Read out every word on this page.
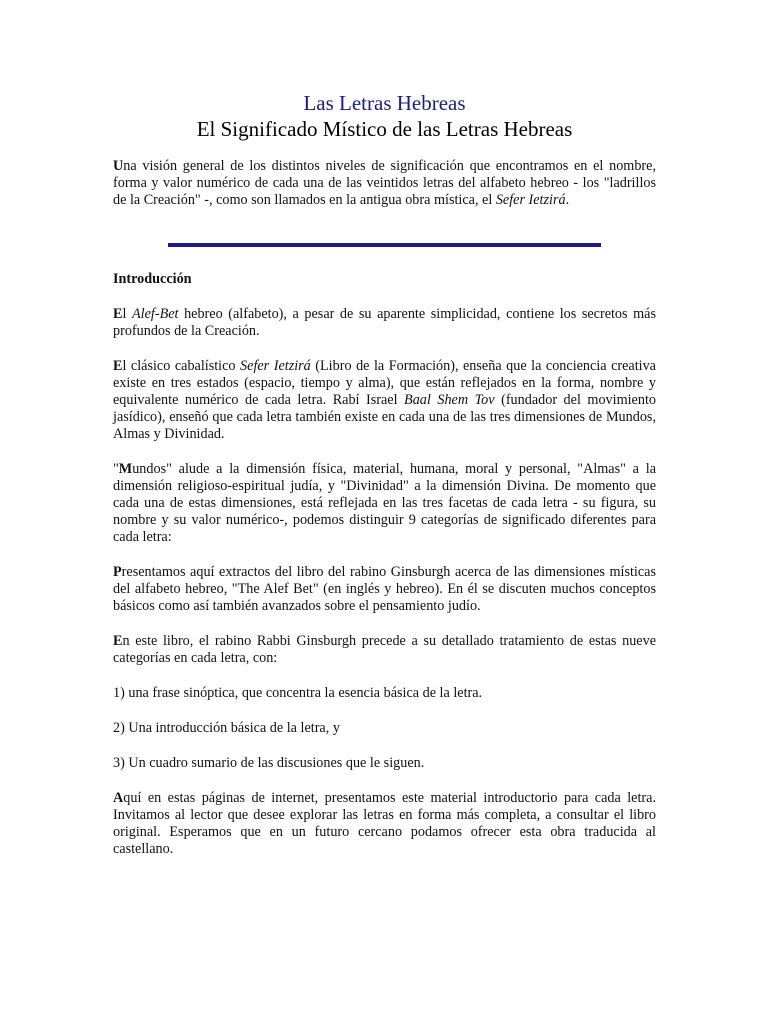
Las Letras Hebreas
El Significado Místico de las Letras Hebreas

Una visión general de los distintos niveles de significación que encontramos en el nombre, forma y valor numérico de cada una de las veintidos letras del alfabeto hebreo - los "ladrillos de la Creación" -, como son llamados en la antigua obra mística, el Sefer Ietzirá.

Introducción

El Alef-Bet hebreo (alfabeto), a pesar de su aparente simplicidad, contiene los secretos más profundos de la Creación.

El clásico cabalístico Sefer Ietzirá (Libro de la Formación), enseña que la conciencia creativa existe en tres estados (espacio, tiempo y alma), que están reflejados en la forma, nombre y equivalente numérico de cada letra. Rabí Israel Baal Shem Tov (fundador del movimiento jasídico), enseñó que cada letra también existe en cada una de las tres dimensiones de Mundos, Almas y Divinidad.

"Mundos" alude a la dimensión física, material, humana, moral y personal, "Almas" a la dimensión religioso-espiritual judía, y "Divinidad" a la dimensión Divina. De momento que cada una de estas dimensiones, está reflejada en las tres facetas de cada letra - su figura, su nombre y su valor numérico-, podemos distinguir 9 categorías de significado diferentes para cada letra:

Presentamos aquí extractos del libro del rabino Ginsburgh acerca de las dimensiones místicas del alfabeto hebreo, "The Alef Bet" (en inglés y hebreo). En él se discuten muchos conceptos básicos como así también avanzados sobre el pensamiento judío.

En este libro, el rabino Rabbi Ginsburgh precede a su detallado tratamiento de estas nueve categorías en cada letra, con:

1) una frase sinóptica, que concentra la esencia básica de la letra.

2) Una introducción básica de la letra, y

3) Un cuadro sumario de las discusiones que le siguen.

Aquí en estas páginas de internet, presentamos este material introductorio para cada letra. Invitamos al lector que desee explorar las letras en forma más completa, a consultar el libro original. Esperamos que en un futuro cercano podamos ofrecer esta obra traducida al castellano.
